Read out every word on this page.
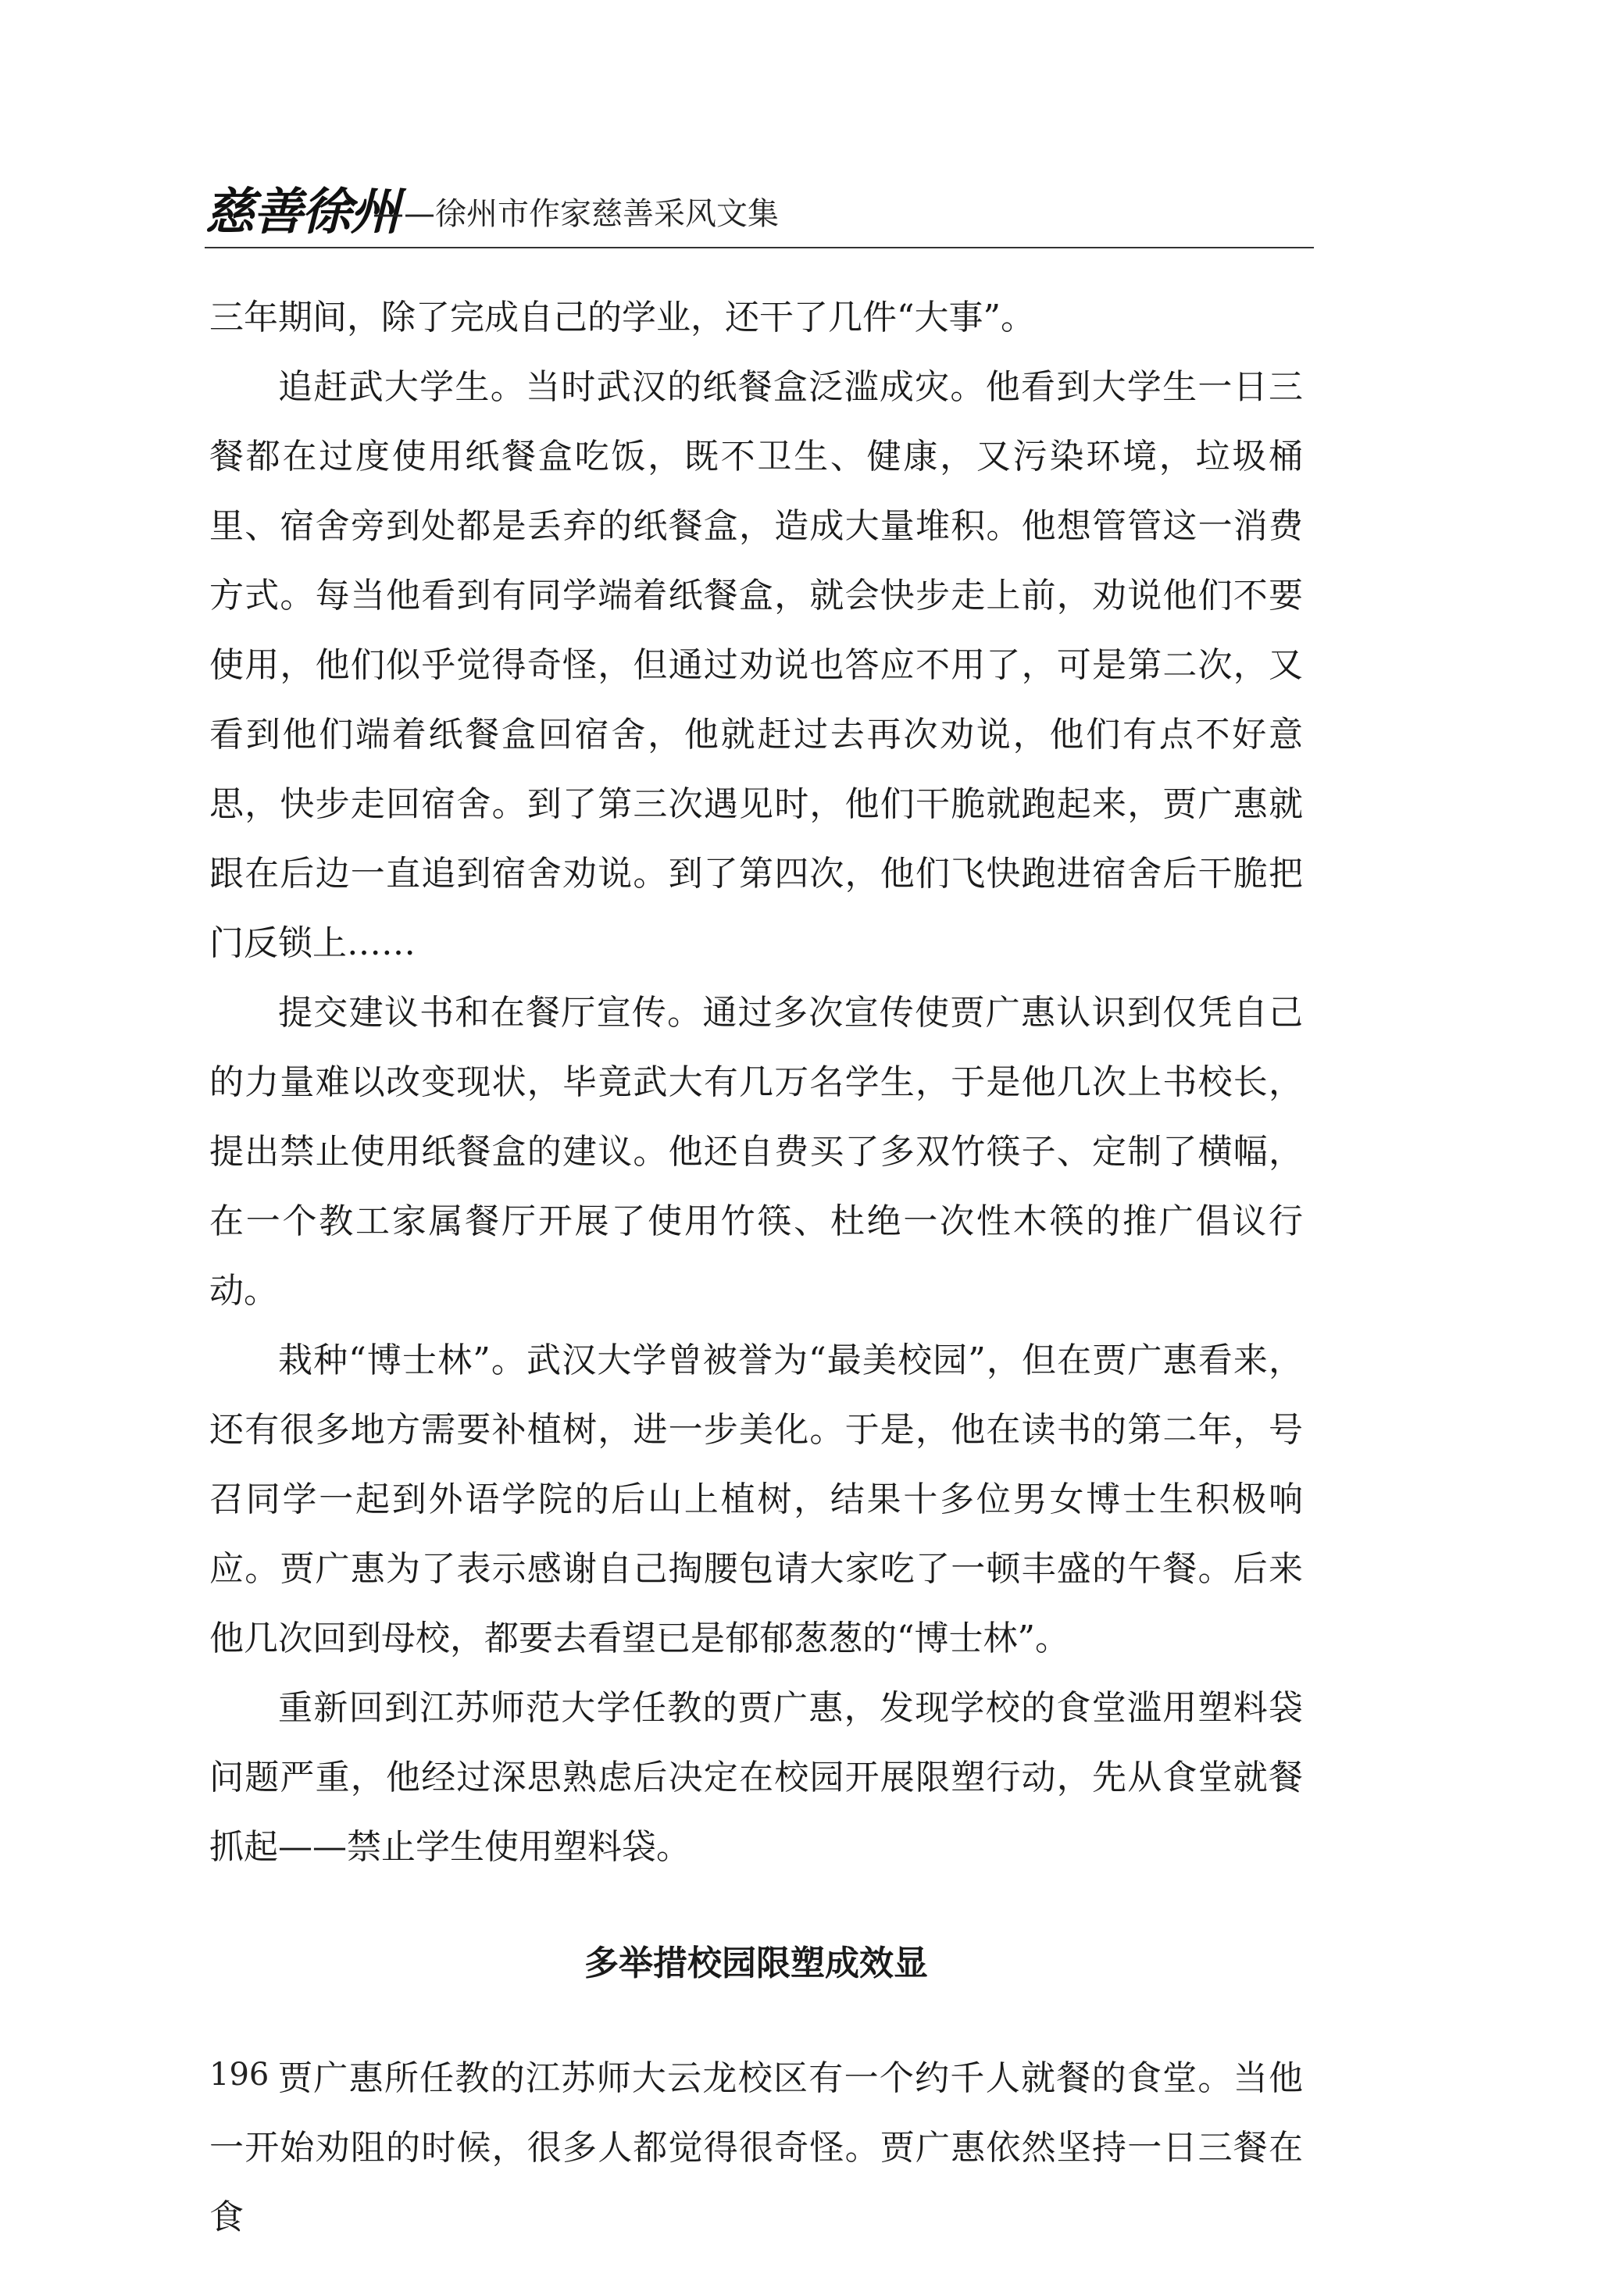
慈善徐州
——徐州市作家慈善采风文集

三年期间，除了完成自己的学业，还干了几件“大事”。

追赶武大学生。当时武汉的纸餐盒泛滥成灾。他看到大学生一日三餐都在过度使用纸餐盒吃饭，既不卫生、健康，又污染环境，垃圾桶里、宿舍旁到处都是丢弃的纸餐盒，造成大量堆积。他想管管这一消费方式。每当他看到有同学端着纸餐盒，就会快步走上前，劝说他们不要使用，他们似乎觉得奇怪，但通过劝说也答应不用了，可是第二次，又看到他们端着纸餐盒回宿舍，他就赶过去再次劝说，他们有点不好意思，快步走回宿舍。到了第三次遇见时，他们干脆就跑起来，贾广惠就跟在后边一直追到宿舍劝说。到了第四次，他们飞快跑进宿舍后干脆把门反锁上……

提交建议书和在餐厅宣传。通过多次宣传使贾广惠认识到仅凭自己的力量难以改变现状，毕竟武大有几万名学生，于是他几次上书校长，提出禁止使用纸餐盒的建议。他还自费买了多双竹筷子、定制了横幅，在一个教工家属餐厅开展了使用竹筷、杜绝一次性木筷的推广倡议行动。

栽种“博士林”。武汉大学曾被誉为“最美校园”，但在贾广惠看来，还有很多地方需要补植树，进一步美化。于是，他在读书的第二年，号召同学一起到外语学院的后山上植树，结果十多位男女博士生积极响应。贾广惠为了表示感谢自己掏腰包请大家吃了一顿丰盛的午餐。后来他几次回到母校，都要去看望已是郁郁葱葱的“博士林”。

重新回到江苏师范大学任教的贾广惠，发现学校的食堂滥用塑料袋问题严重，他经过深思熟虑后决定在校园开展限塑行动，先从食堂就餐抓起——禁止学生使用塑料袋。

多举措校园限塑成效显

贾广惠所任教的江苏师大云龙校区有一个约千人就餐的食堂。当他一开始劝阻的时候，很多人都觉得很奇怪。贾广惠依然坚持一日三餐在食

196
